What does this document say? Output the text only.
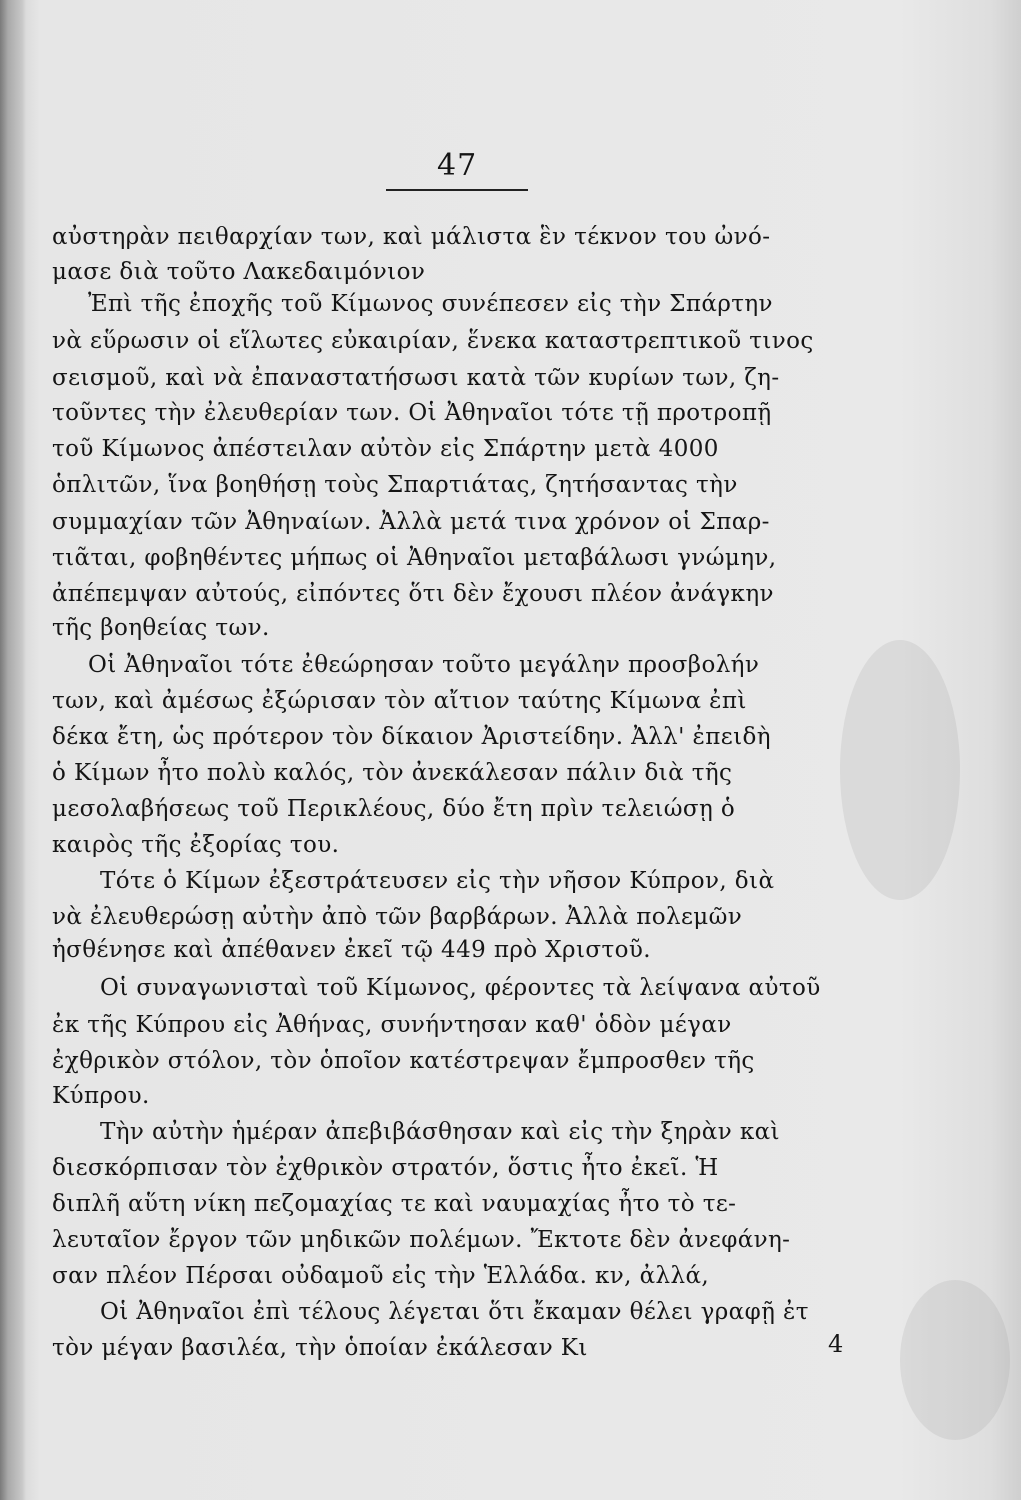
47
αὐστηρὰν πειθαρχίαν των, καὶ μάλιστα ἓν τέκνον του ὠνό-
μασε διὰ τοῦτο Λακεδαιμόνιον
Ἐπὶ τῆς ἐποχῆς τοῦ Κίμωνος συνέπεσεν εἰς τὴν Σπάρτην
νὰ εὕρωσιν οἱ εἵλωτες εὐκαιρίαν, ἕνεκα καταστρεπτικοῦ τινος
σεισμοῦ, καὶ νὰ ἐπαναστατήσωσι κατὰ τῶν κυρίων των, ζη-
τοῦντες τὴν ἐλευθερίαν των. Οἱ Ἀθηναῖοι τότε τῇ προτροπῇ
τοῦ Κίμωνος ἀπέστειλαν αὐτὸν εἰς Σπάρτην μετὰ 4000
ὁπλιτῶν, ἵνα βοηθήσῃ τοὺς Σπαρτιάτας, ζητήσαντας τὴν
συμμαχίαν τῶν Ἀθηναίων. Ἀλλὰ μετά τινα χρόνον οἱ Σπαρ-
τιᾶται, φοβηθέντες μήπως οἱ Ἀθηναῖοι μεταβάλωσι γνώμην,
ἀπέπεμψαν αὐτούς, εἰπόντες ὅτι δὲν ἔχουσι πλέον ἀνάγκην
τῆς βοηθείας των.
Οἱ Ἀθηναῖοι τότε ἐθεώρησαν τοῦτο μεγάλην προσβολήν
των, καὶ ἀμέσως ἐξώρισαν τὸν αἴτιον ταύτης Κίμωνα ἐπὶ
δέκα ἔτη, ὡς πρότερον τὸν δίκαιον Ἀριστείδην. Ἀλλ' ἐπειδὴ
ὁ Κίμων ἦτο πολὺ καλός, τὸν ἀνεκάλεσαν πάλιν διὰ τῆς
μεσολαβήσεως τοῦ Περικλέους, δύο ἔτη πρὶν τελειώσῃ ὁ
καιρὸς τῆς ἐξορίας του.
Τότε ὁ Κίμων ἐξεστράτευσεν εἰς τὴν νῆσον Κύπρον, διὰ
νὰ ἐλευθερώσῃ αὐτὴν ἀπὸ τῶν βαρβάρων. Ἀλλὰ πολεμῶν
ἠσθένησε καὶ ἀπέθανεν ἐκεῖ τῷ 449 πρὸ Χριστοῦ.
Οἱ συναγωνισταὶ τοῦ Κίμωνος, φέροντες τὰ λείψανα αὐτοῦ
ἐκ τῆς Κύπρου εἰς Ἀθήνας, συνήντησαν καθ' ὁδὸν μέγαν
ἐχθρικὸν στόλον, τὸν ὁποῖον κατέστρεψαν ἔμπροσθεν τῆς
Κύπρου.
Τὴν αὐτὴν ἡμέραν ἀπεβιβάσθησαν καὶ εἰς τὴν ξηρὰν καὶ
διεσκόρπισαν τὸν ἐχθρικὸν στρατόν, ὅστις ἦτο ἐκεῖ. Ἡ
διπλῆ αὕτη νίκη πεζομαχίας τε καὶ ναυμαχίας ἦτο τὸ τε-
λευταῖον ἔργον τῶν μηδικῶν πολέμων. Ἔκτοτε δὲν ἀνεφάνη-
σαν πλέον Πέρσαι οὐδαμοῦ εἰς τὴν Ἑλλάδα. κν, ἀλλά,
Οἱ Ἀθηναῖοι ἐπὶ τέλους λέγεται ὅτι ἔκαμαν θέλει γραφῇ ἐτ
τὸν μέγαν βασιλέα, τὴν ὁποίαν ἐκάλεσαν Κι	4
